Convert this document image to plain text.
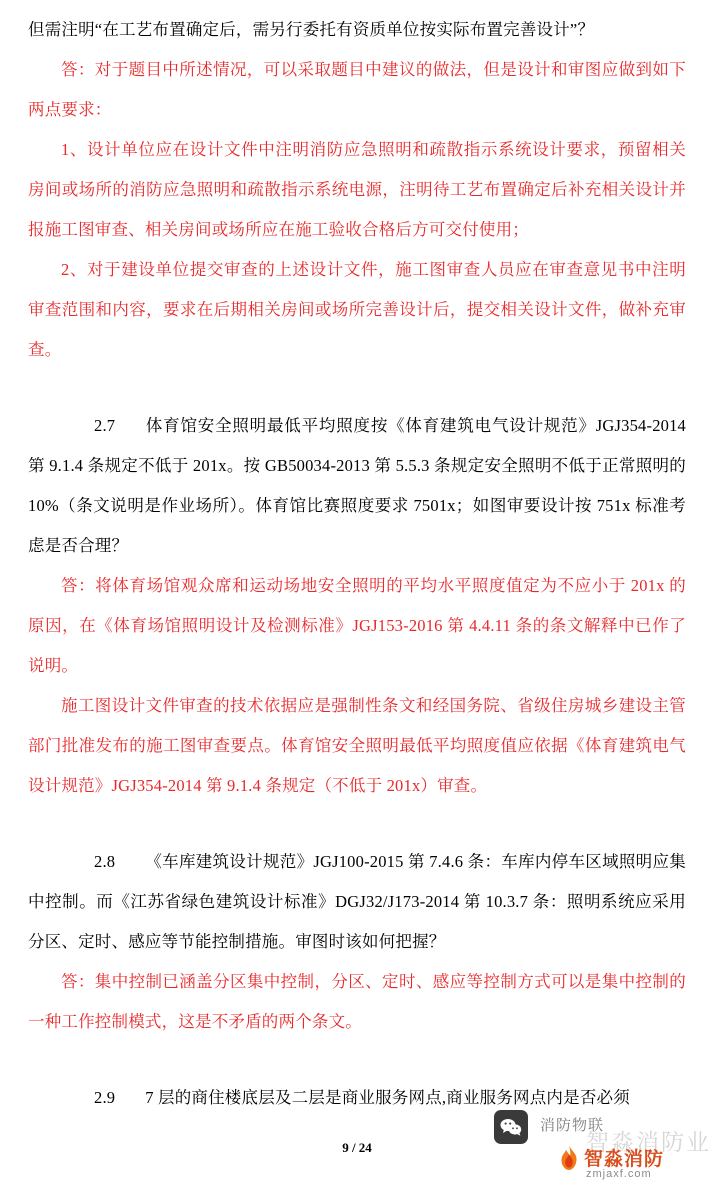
但需注明“在工艺布置确定后，需另行委托有资质单位按实际布置完善设计”？

答：对于题目中所述情况，可以采取题目中建议的做法，但是设计和审图应做到如下两点要求：

1、设计单位应在设计文件中注明消防应急照明和疏散指示系统设计要求，预留相关房间或场所的消防应急照明和疏散指示系统电源，注明待工艺布置确定后补充相关设计并报施工图审查、相关房间或场所应在施工验收合格后方可交付使用；

2、对于建设单位提交审查的上述设计文件，施工图审查人员应在审查意见书中注明审查范围和内容，要求在后期相关房间或场所完善设计后，提交相关设计文件，做补充审查。

2.7 体育馆安全照明最低平均照度按《体育建筑电气设计规范》JGJ354-2014 第 9.1.4 条规定不低于 201x。按 GB50034-2013 第 5.5.3 条规定安全照明不低于正常照明的 10%（条文说明是作业场所）。体育馆比赛照度要求 7501x；如图审要设计按 751x 标准考虑是否合理？

答：将体育场馆观众席和运动场地安全照明的平均水平照度值定为不应小于 201x 的原因，在《体育场馆照明设计及检测标准》JGJ153-2016 第 4.4.11 条的条文解释中已作了说明。

施工图设计文件审查的技术依据应是强制性条文和经国务院、省级住房城乡建设主管部门批准发布的施工图审查要点。体育馆安全照明最低平均照度值应依据《体育建筑电气设计规范》JGJ354-2014 第 9.1.4 条规定（不低于 201x）审查。

2.8 《车库建筑设计规范》JGJ100-2015 第 7.4.6 条：车库内停车区域照明应集中控制。而《江苏省绿色建筑设计标准》DGJ32/J173-2014 第 10.3.7 条：照明系统应采用分区、定时、感应等节能控制措施。审图时该如何把握？

答：集中控制已涵盖分区集中控制，分区、定时、感应等控制方式可以是集中控制的一种工作控制模式，这是不矛盾的两个条文。

2.9 7 层的商住楼底层及二层是商业服务网点,商业服务网点内是否必须

9 / 24
消防物联
智淼消防业
智淼消防
zmjaxf.com
